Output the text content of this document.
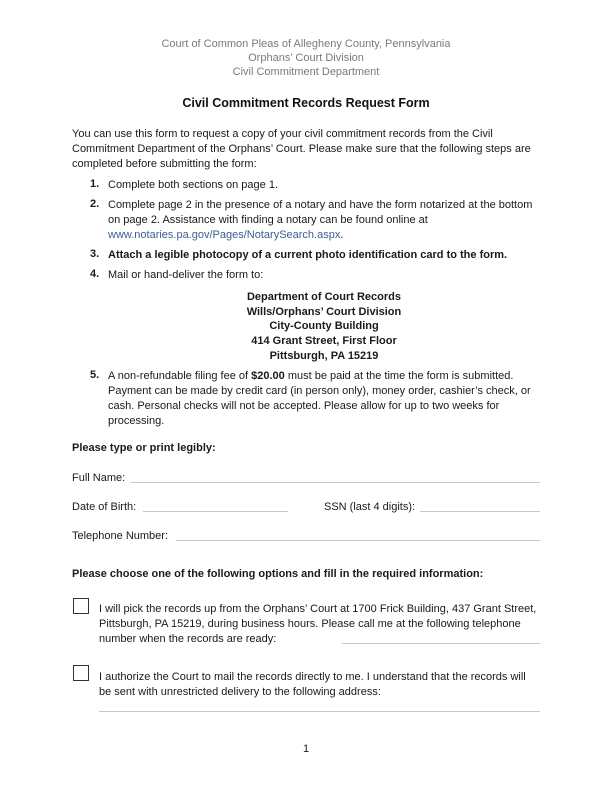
Court of Common Pleas of Allegheny County, Pennsylvania
Orphans’ Court Division
Civil Commitment Department
Civil Commitment Records Request Form
You can use this form to request a copy of your civil commitment records from the Civil Commitment Department of the Orphans’ Court. Please make sure that the following steps are completed before submitting the form:
1. Complete both sections on page 1.
2. Complete page 2 in the presence of a notary and have the form notarized at the bottom on page 2. Assistance with finding a notary can be found online at www.notaries.pa.gov/Pages/NotarySearch.aspx.
3. Attach a legible photocopy of a current photo identification card to the form.
4. Mail or hand-deliver the form to:
Department of Court Records
Wills/Orphans’ Court Division
City-County Building
414 Grant Street, First Floor
Pittsburgh, PA 15219
5. A non-refundable filing fee of $20.00 must be paid at the time the form is submitted. Payment can be made by credit card (in person only), money order, cashier’s check, or cash. Personal checks will not be accepted. Please allow for up to two weeks for processing.
Please type or print legibly:
Full Name:
Date of Birth:	SSN (last 4 digits):
Telephone Number:
Please choose one of the following options and fill in the required information:
I will pick the records up from the Orphans’ Court at 1700 Frick Building, 437 Grant Street, Pittsburgh, PA 15219, during business hours. Please call me at the following telephone number when the records are ready:
I authorize the Court to mail the records directly to me. I understand that the records will be sent with unrestricted delivery to the following address:
1
